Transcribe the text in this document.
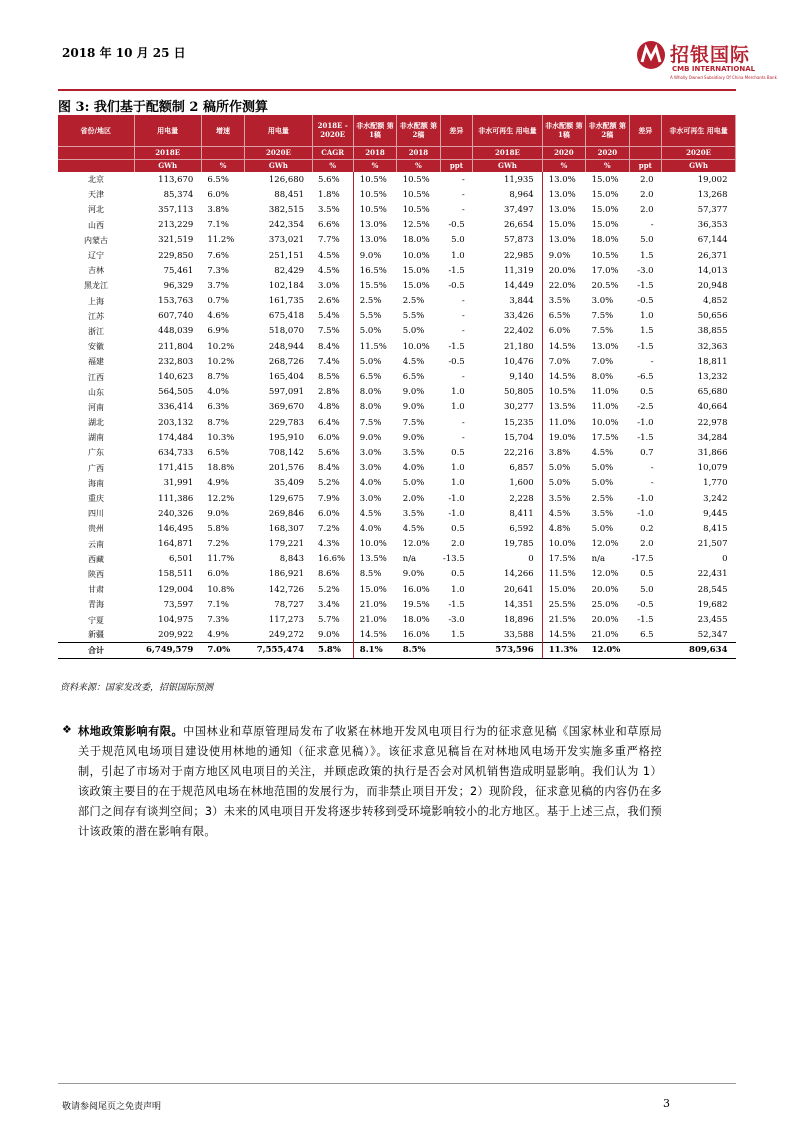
2018 年 10 月 25 日	招银国际
CMB INTERNATIONAL
A Wholly Owned Subsidiary Of China Merchants Bank
图 3: 我们基于配额制 2 稿所作测算
省份/地区	用电量	增速	用电量	2018E - 2020E	非水配额 第1稿	非水配额 第2稿	差异	非水可再生 用电量	非水配额 第1稿	非水配额 第2稿	差异	非水可再生 用电量
	2018E		2020E	CAGR	2018	2018		2018E	2020	2020		2020E
	GWh	%	GWh	%	%	%	ppt	GWh	%	%	ppt	GWh
北京	113,670	6.5%	126,680	5.6%	10.5%	10.5%	-	11,935	13.0%	15.0%	2.0	19,002
天津	85,374	6.0%	88,451	1.8%	10.5%	10.5%	-	8,964	13.0%	15.0%	2.0	13,268
河北	357,113	3.8%	382,515	3.5%	10.5%	10.5%	-	37,497	13.0%	15.0%	2.0	57,377
山西	213,229	7.1%	242,354	6.6%	13.0%	12.5%	-0.5	26,654	15.0%	15.0%	-	36,353
内蒙古	321,519	11.2%	373,021	7.7%	13.0%	18.0%	5.0	57,873	13.0%	18.0%	5.0	67,144
辽宁	229,850	7.6%	251,151	4.5%	9.0%	10.0%	1.0	22,985	9.0%	10.5%	1.5	26,371
吉林	75,461	7.3%	82,429	4.5%	16.5%	15.0%	-1.5	11,319	20.0%	17.0%	-3.0	14,013
黑龙江	96,329	3.7%	102,184	3.0%	15.5%	15.0%	-0.5	14,449	22.0%	20.5%	-1.5	20,948
上海	153,763	0.7%	161,735	2.6%	2.5%	2.5%	-	3,844	3.5%	3.0%	-0.5	4,852
江苏	607,740	4.6%	675,418	5.4%	5.5%	5.5%	-	33,426	6.5%	7.5%	1.0	50,656
浙江	448,039	6.9%	518,070	7.5%	5.0%	5.0%	-	22,402	6.0%	7.5%	1.5	38,855
安徽	211,804	10.2%	248,944	8.4%	11.5%	10.0%	-1.5	21,180	14.5%	13.0%	-1.5	32,363
福建	232,803	10.2%	268,726	7.4%	5.0%	4.5%	-0.5	10,476	7.0%	7.0%	-	18,811
江西	140,623	8.7%	165,404	8.5%	6.5%	6.5%	-	9,140	14.5%	8.0%	-6.5	13,232
山东	564,505	4.0%	597,091	2.8%	8.0%	9.0%	1.0	50,805	10.5%	11.0%	0.5	65,680
河南	336,414	6.3%	369,670	4.8%	8.0%	9.0%	1.0	30,277	13.5%	11.0%	-2.5	40,664
湖北	203,132	8.7%	229,783	6.4%	7.5%	7.5%	-	15,235	11.0%	10.0%	-1.0	22,978
湖南	174,484	10.3%	195,910	6.0%	9.0%	9.0%	-	15,704	19.0%	17.5%	-1.5	34,284
广东	634,733	6.5%	708,142	5.6%	3.0%	3.5%	0.5	22,216	3.8%	4.5%	0.7	31,866
广西	171,415	18.8%	201,576	8.4%	3.0%	4.0%	1.0	6,857	5.0%	5.0%	-	10,079
海南	31,991	4.9%	35,409	5.2%	4.0%	5.0%	1.0	1,600	5.0%	5.0%	-	1,770
重庆	111,386	12.2%	129,675	7.9%	3.0%	2.0%	-1.0	2,228	3.5%	2.5%	-1.0	3,242
四川	240,326	9.0%	269,846	6.0%	4.5%	3.5%	-1.0	8,411	4.5%	3.5%	-1.0	9,445
贵州	146,495	5.8%	168,307	7.2%	4.0%	4.5%	0.5	6,592	4.8%	5.0%	0.2	8,415
云南	164,871	7.2%	179,221	4.3%	10.0%	12.0%	2.0	19,785	10.0%	12.0%	2.0	21,507
西藏	6,501	11.7%	8,843	16.6%	13.5%	n/a	-13.5	0	17.5%	n/a	-17.5	0
陕西	158,511	6.0%	186,921	8.6%	8.5%	9.0%	0.5	14,266	11.5%	12.0%	0.5	22,431
甘肃	129,004	10.8%	142,726	5.2%	15.0%	16.0%	1.0	20,641	15.0%	20.0%	5.0	28,545
青海	73,597	7.1%	78,727	3.4%	21.0%	19.5%	-1.5	14,351	25.5%	25.0%	-0.5	19,682
宁夏	104,975	7.3%	117,273	5.7%	21.0%	18.0%	-3.0	18,896	21.5%	20.0%	-1.5	23,455
新疆	209,922	4.9%	249,272	9.0%	14.5%	16.0%	1.5	33,588	14.5%	21.0%	6.5	52,347
合计	6,749,579	7.0%	7,555,474	5.8%	8.1%	8.5%		573,596	11.3%	12.0%		809,634
资料来源：国家发改委，招银国际预测
❖ 林地政策影响有限。中国林业和草原管理局发布了收紧在林地开发风电项目行为的征求意见稿《国家林业和草原局关于规范风电场项目建设使用林地的通知（征求意见稿）》。该征求意见稿旨在对林地风电场开发实施多重严格控制，引起了市场对于南方地区风电项目的关注，并顾虑政策的执行是否会对风机销售造成明显影响。我们认为 1）该政策主要目的在于规范风电场在林地范围的发展行为，而非禁止项目开发；2）现阶段，征求意见稿的内容仍在多部门之间存有谈判空间；3）未来的风电项目开发将逐步转移到受环境影响较小的北方地区。基于上述三点，我们预计该政策的潜在影响有限。

敬请参阅尾页之免责声明	3
